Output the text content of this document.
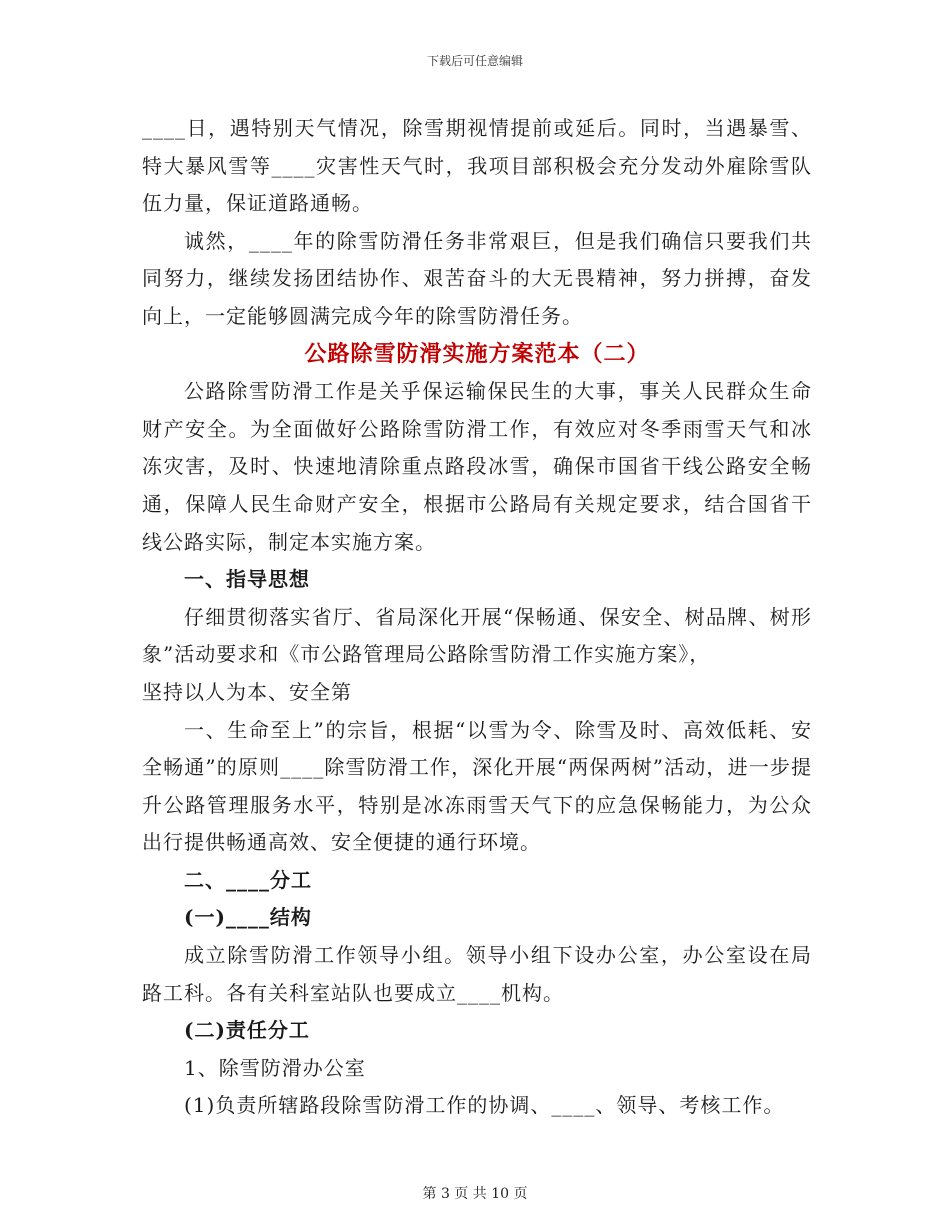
下载后可任意编辑

____日，遇特别天气情况，除雪期视情提前或延后。同时，当遇暴雪、特大暴风雪等____灾害性天气时，我项目部积极会充分发动外雇除雪队伍力量，保证道路通畅。

诚然，____年的除雪防滑任务非常艰巨，但是我们确信只要我们共同努力，继续发扬团结协作、艰苦奋斗的大无畏精神，努力拼搏，奋发向上，一定能够圆满完成今年的除雪防滑任务。

公路除雪防滑实施方案范本（二）

公路除雪防滑工作是关乎保运输保民生的大事，事关人民群众生命财产安全。为全面做好公路除雪防滑工作，有效应对冬季雨雪天气和冰冻灾害，及时、快速地清除重点路段冰雪，确保市国省干线公路安全畅通，保障人民生命财产安全，根据市公路局有关规定要求，结合国省干线公路实际，制定本实施方案。

一、指导思想

仔细贯彻落实省厅、省局深化开展“保畅通、保安全、树品牌、树形象”活动要求和《市公路管理局公路除雪防滑工作实施方案》，

坚持以人为本、安全第

一、生命至上”的宗旨，根据“以雪为令、除雪及时、高效低耗、安全畅通”的原则____除雪防滑工作，深化开展“两保两树”活动，进一步提升公路管理服务水平，特别是冰冻雨雪天气下的应急保畅能力，为公众出行提供畅通高效、安全便捷的通行环境。

二、____分工

(一)____结构

成立除雪防滑工作领导小组。领导小组下设办公室，办公室设在局路工科。各有关科室站队也要成立____机构。

(二)责任分工

1、除雪防滑办公室

(1)负责所辖路段除雪防滑工作的协调、____、领导、考核工作。

第 3 页 共 10 页
